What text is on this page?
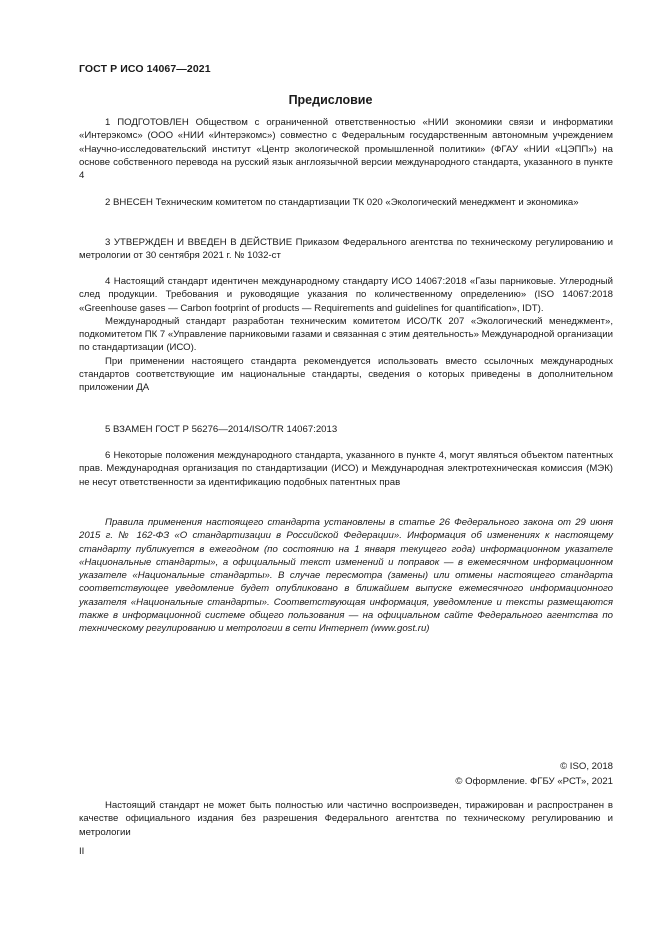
ГОСТ Р ИСО 14067—2021
Предисловие

1 ПОДГОТОВЛЕН Обществом с ограниченной ответственностью «НИИ экономики связи и информатики «Интерэкомс» (ООО «НИИ «Интерэкомс») совместно с Федеральным государственным автономным учреждением «Научно-исследовательский институт «Центр экологической промышленной политики» (ФГАУ «НИИ «ЦЭПП») на основе собственного перевода на русский язык англоязычной версии международного стандарта, указанного в пункте 4

2 ВНЕСЕН Техническим комитетом по стандартизации ТК 020 «Экологический менеджмент и экономика»

3 УТВЕРЖДЕН И ВВЕДЕН В ДЕЙСТВИЕ Приказом Федерального агентства по техническому регулированию и метрологии от 30 сентября 2021 г. № 1032-ст

4 Настоящий стандарт идентичен международному стандарту ИСО 14067:2018 «Газы парниковые. Углеродный след продукции. Требования и руководящие указания по количественному определению» (ISO 14067:2018 «Greenhouse gases — Carbon footprint of products — Requirements and guidelines for quantification», IDT).

Международный стандарт разработан техническим комитетом ИСО/ТК 207 «Экологический менеджмент», подкомитетом ПК 7 «Управление парниковыми газами и связанная с этим деятельность» Международной организации по стандартизации (ИСО).

При применении настоящего стандарта рекомендуется использовать вместо ссылочных международных стандартов соответствующие им национальные стандарты, сведения о которых приведены в дополнительном приложении ДА

5 ВЗАМЕН ГОСТ Р 56276—2014/ISO/TR 14067:2013

6 Некоторые положения международного стандарта, указанного в пункте 4, могут являться объектом патентных прав. Международная организация по стандартизации (ИСО) и Международная электротехническая комиссия (МЭК) не несут ответственности за идентификацию подобных патентных прав

Правила применения настоящего стандарта установлены в статье 26 Федерального закона от 29 июня 2015 г. № 162-ФЗ «О стандартизации в Российской Федерации». Информация об изменениях к настоящему стандарту публикуется в ежегодном (по состоянию на 1 января текущего года) информационном указателе «Национальные стандарты», а официальный текст изменений и поправок — в ежемесячном информационном указателе «Национальные стандарты». В случае пересмотра (замены) или отмены настоящего стандарта соответствующее уведомление будет опубликовано в ближайшем выпуске ежемесячного информационного указателя «Национальные стандарты». Соответствующая информация, уведомление и тексты размещаются также в информационной системе общего пользования — на официальном сайте Федерального агентства по техническому регулированию и метрологии в сети Интернет (www.gost.ru)

© ISO, 2018
© Оформление. ФГБУ «РСТ», 2021

Настоящий стандарт не может быть полностью или частично воспроизведен, тиражирован и распространен в качестве официального издания без разрешения Федерального агентства по техническому регулированию и метрологии

II
